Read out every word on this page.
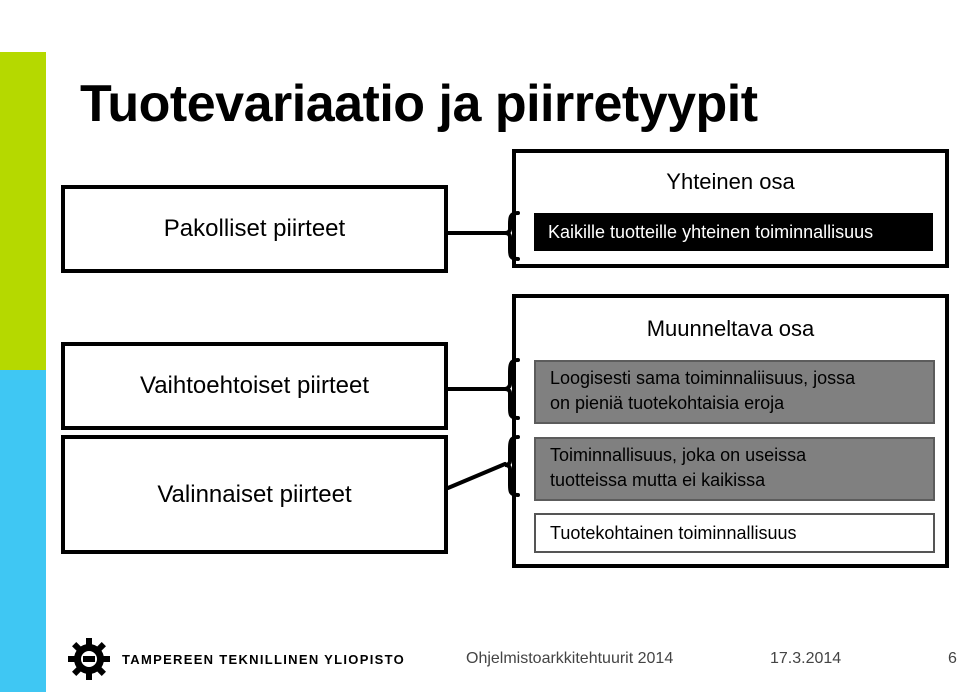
Tuotevariaatio ja piirretyypit
Pakolliset piirteet
Vaihtoehtoiset piirteet
Valinnaiset piirteet
Yhteinen osa
Kaikille tuotteille yhteinen toiminnallisuus
Muunneltava osa
Loogisesti sama toiminnaliisuus, jossa
on pieniä tuotekohtaisia eroja
Toiminnallisuus, joka on useissa
tuotteissa mutta ei kaikissa
Tuotekohtainen toiminnallisuus
TAMPEREEN TEKNILLINEN YLIOPISTO	Ohjelmistoarkkitehtuurit 2014	17.3.2014	6
